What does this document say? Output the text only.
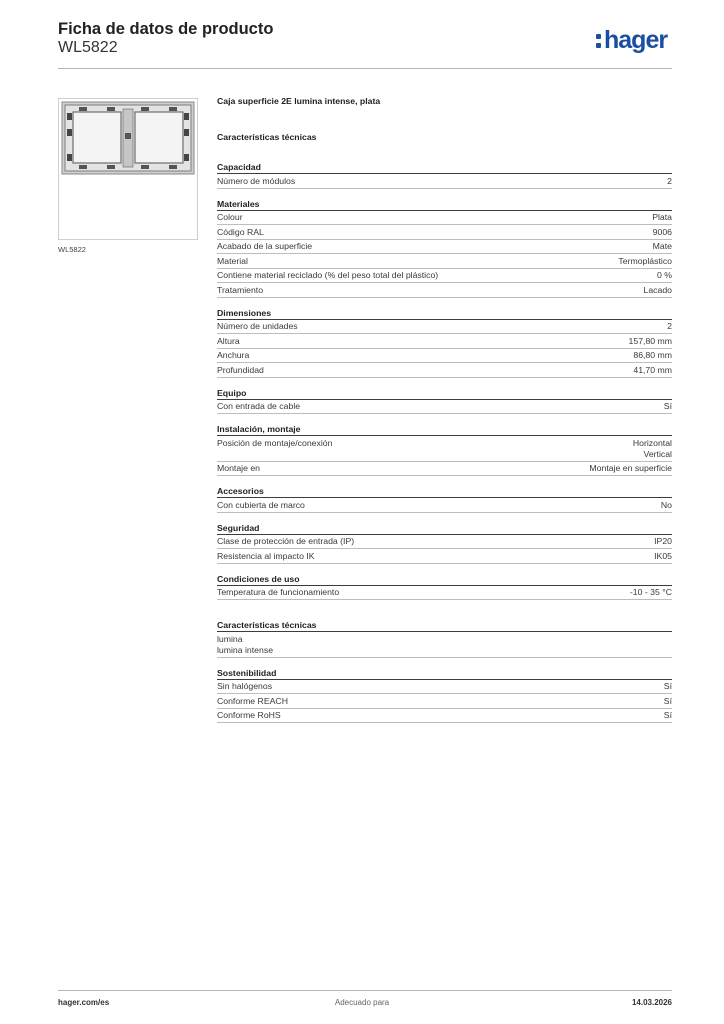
Ficha de datos de producto
WL5822	hager
WL5822
Caja superficie 2E lumina intense, plata
Características técnicas
Capacidad
Número de módulos	2
Materiales
Colour	Plata
Código RAL	9006
Acabado de la superficie	Mate
Material	Termoplástico
Contiene material reciclado (% del peso total del plástico)	0 %
Tratamiento	Lacado
Dimensiones
Número de unidades	2
Altura	157,80 mm
Anchura	86,80 mm
Profundidad	41,70 mm
Equipo
Con entrada de cable	Sí
Instalación, montaje
Posición de montaje/conexión	Horizontal
Vertical
Montaje en	Montaje en superficie
Accesorios
Con cubierta de marco	No
Seguridad
Clase de protección de entrada (IP)	IP20
Resistencia al impacto IK	IK05
Condiciones de uso
Temperatura de funcionamiento	-10 - 35 °C
Características técnicas
lumina
lumina intense
Sostenibilidad
Sin halógenos	Sí
Conforme REACH	Sí
Conforme RoHS	Sí
hager.com/es	Adecuado para	14.03.2026
